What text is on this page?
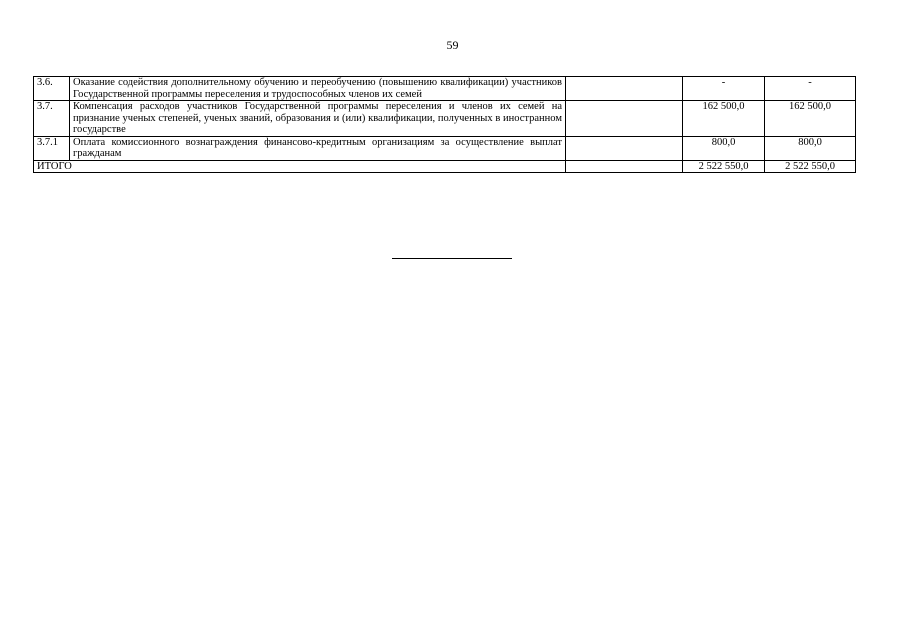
59
3.6.	Оказание содействия дополнительному обучению и переобучению (повышению квалификации) участников Государственной программы переселения и трудоспособных членов их семей		-	-
3.7.	Компенсация расходов участников Государственной программы переселения и членов их семей на признание ученых степеней, ученых званий, образования и (или) квалификации, полученных в иностранном государстве		162 500,0	162 500,0
3.7.1	Оплата комиссионного вознаграждения финансово-кредитным организациям за осуществление выплат гражданам		800,0	800,0
ИТОГО			2 522 550,0	2 522 550,0
